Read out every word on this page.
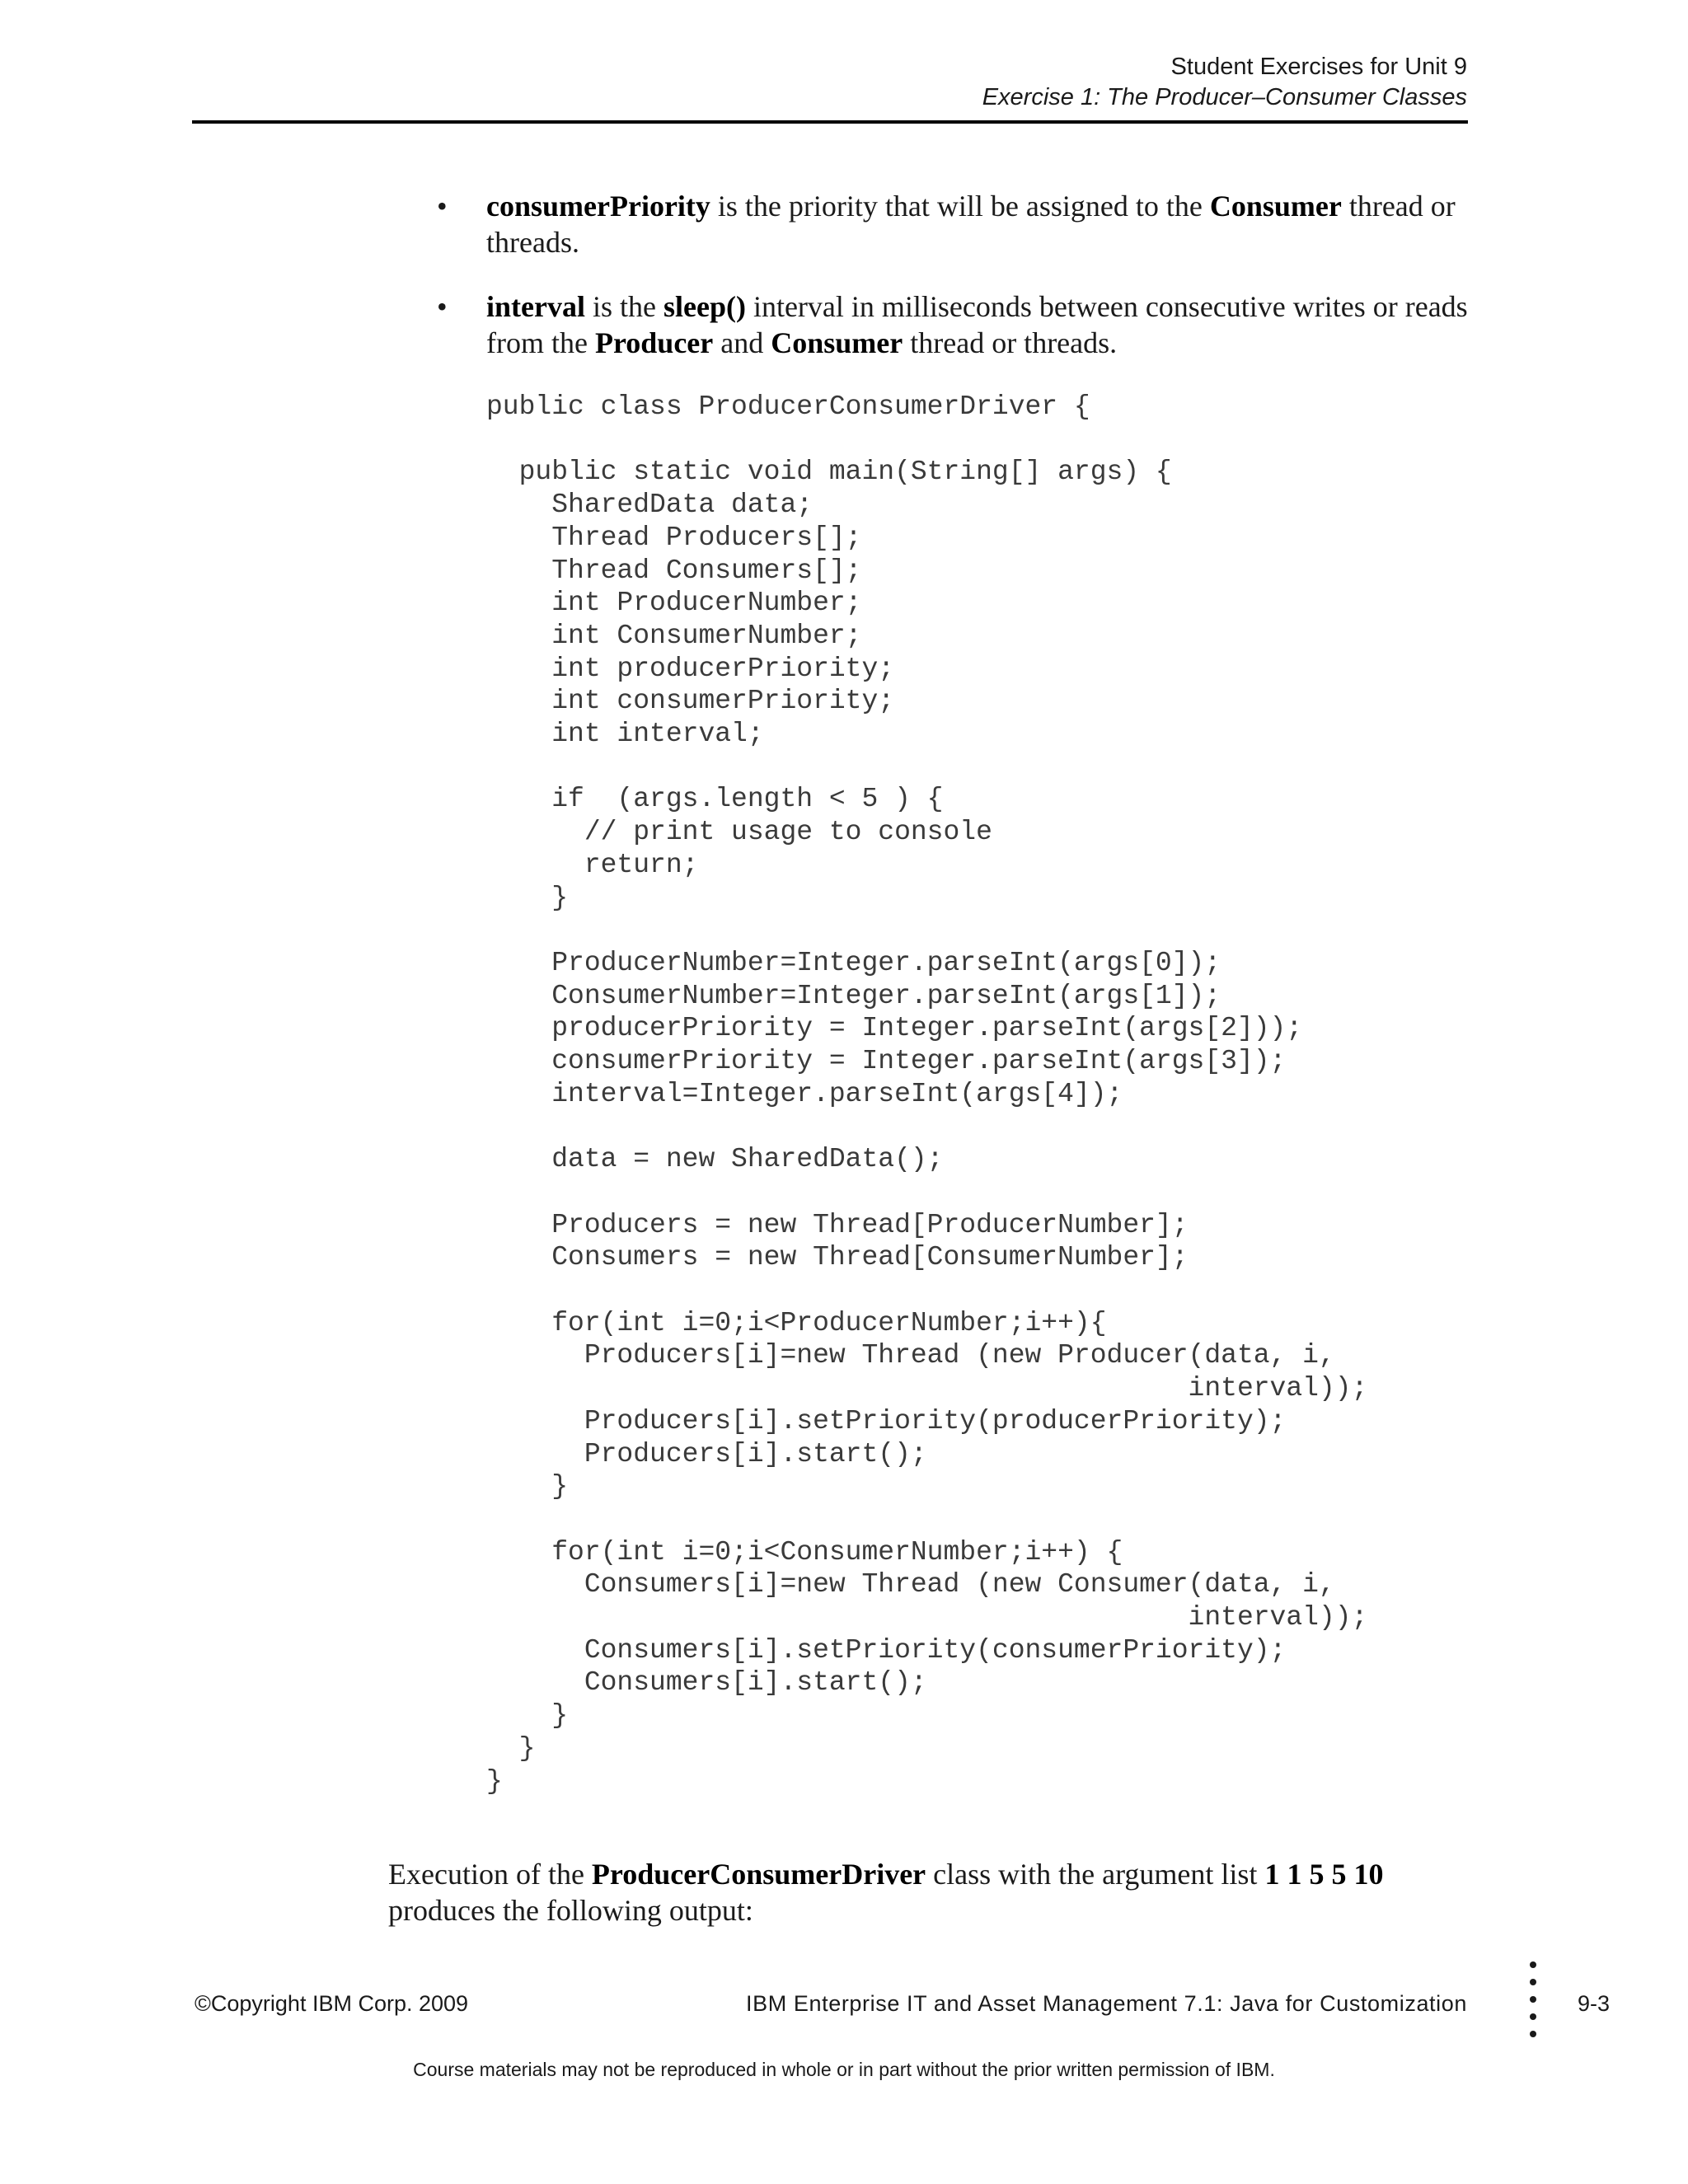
Student Exercises for Unit 9
Exercise 1: The Producer–Consumer Classes
• consumerPriority is the priority that will be assigned to the Consumer thread or threads.
• interval is the sleep() interval in milliseconds between consecutive writes or reads from the Producer and Consumer thread or threads.
public class ProducerConsumerDriver {

public static void main(String[] args) {
SharedData data;
Thread Producers[];
Thread Consumers[];
int ProducerNumber;
int ConsumerNumber;
int producerPriority;
int consumerPriority;
int interval;

if  (args.length < 5 ) {
// print usage to console
return;
}

ProducerNumber=Integer.parseInt(args[0]);
ConsumerNumber=Integer.parseInt(args[1]);
producerPriority = Integer.parseInt(args[2]));
consumerPriority = Integer.parseInt(args[3]);
interval=Integer.parseInt(args[4]);

data = new SharedData();

Producers = new Thread[ProducerNumber];
Consumers = new Thread[ConsumerNumber];

for(int i=0;i<ProducerNumber;i++){
Producers[i]=new Thread (new Producer(data, i,
interval));
Producers[i].setPriority(producerPriority);
Producers[i].start();
}

for(int i=0;i<ConsumerNumber;i++) {
Consumers[i]=new Thread (new Consumer(data, i,
interval));
Consumers[i].setPriority(consumerPriority);
Consumers[i].start();
}
}
}
Execution of the ProducerConsumerDriver class with the argument list 1 1 5 5 10 produces the following output:
©Copyright IBM Corp. 2009	IBM Enterprise IT and Asset Management 7.1: Java for Customization	9-3
Course materials may not be reproduced in whole or in part without the prior written permission of IBM.
